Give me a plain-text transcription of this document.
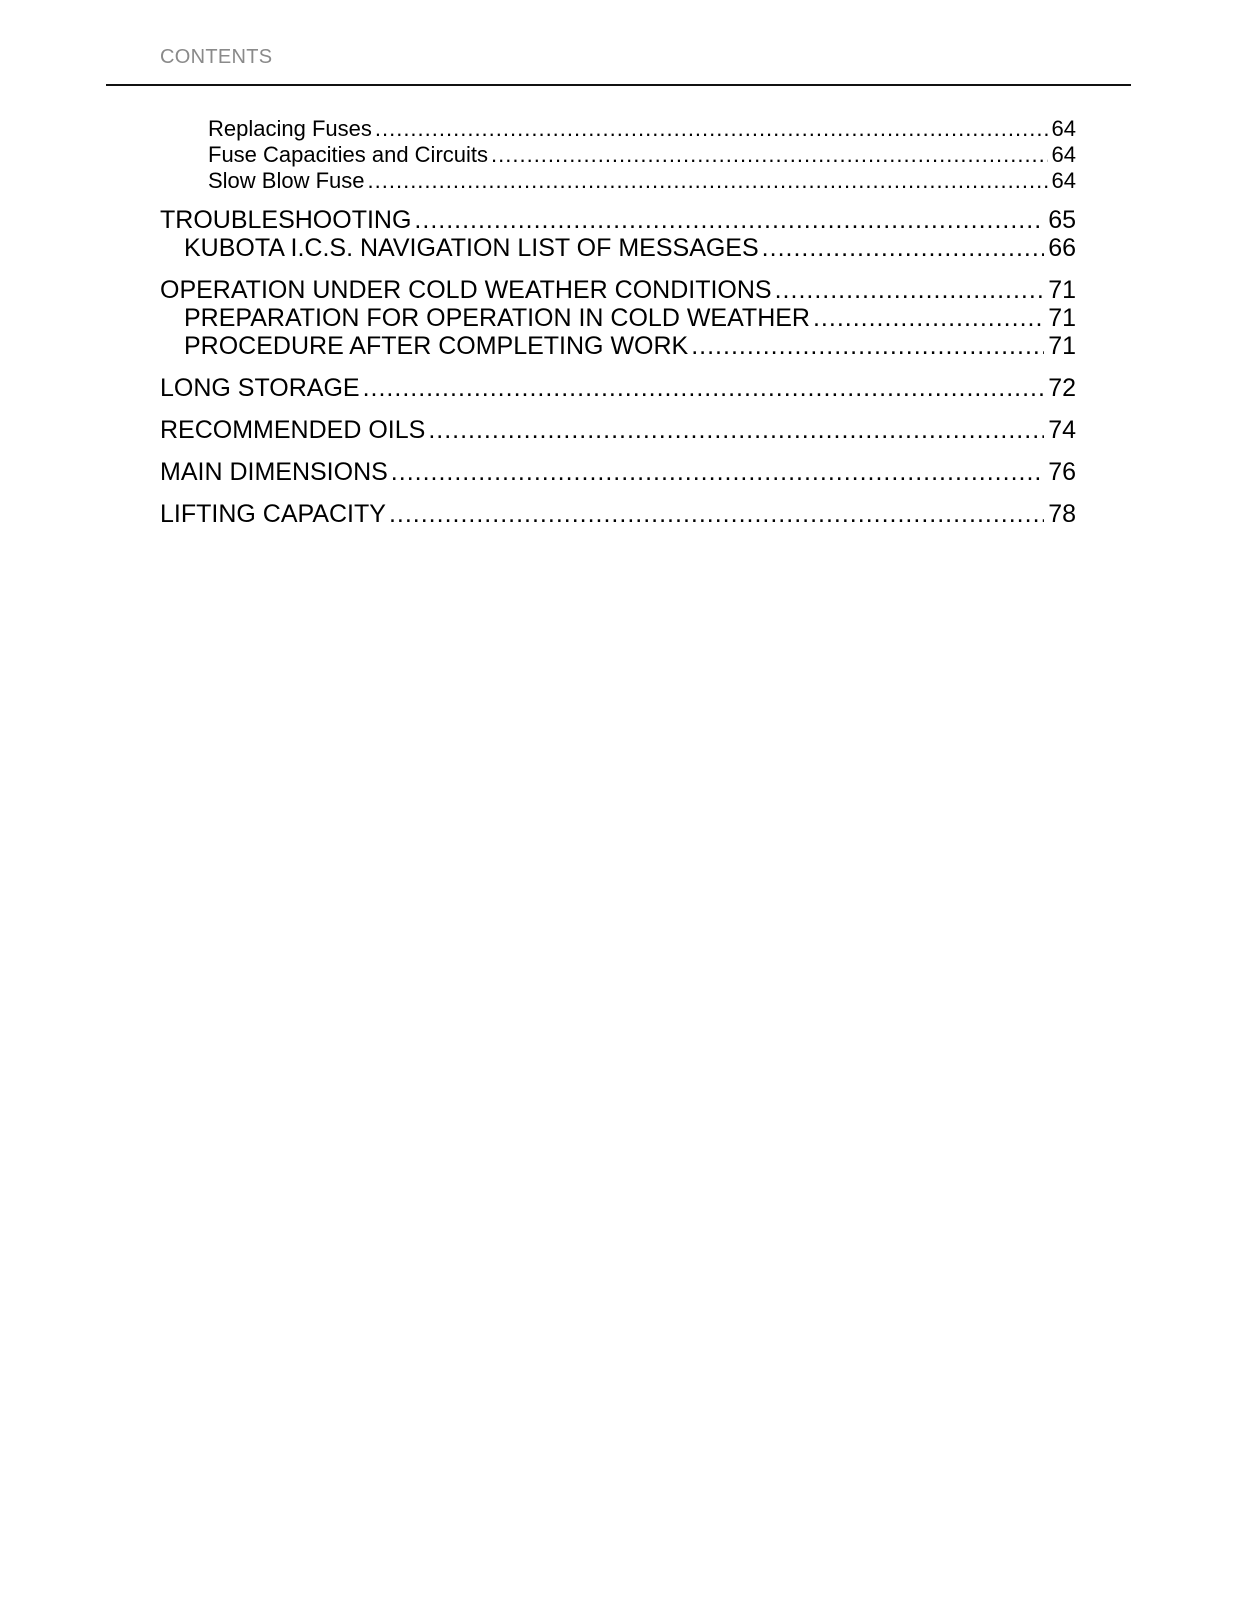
CONTENTS
Replacing Fuses .....	64
Fuse Capacities and Circuits .....	64
Slow Blow Fuse .....	64
TROUBLESHOOTING .....	65
KUBOTA I.C.S. NAVIGATION LIST OF MESSAGES .....	66
OPERATION UNDER COLD WEATHER CONDITIONS .....	71
PREPARATION FOR OPERATION IN COLD WEATHER .....	71
PROCEDURE AFTER COMPLETING WORK .....	71
LONG STORAGE .....	72
RECOMMENDED OILS .....	74
MAIN DIMENSIONS .....	76
LIFTING CAPACITY .....	78
